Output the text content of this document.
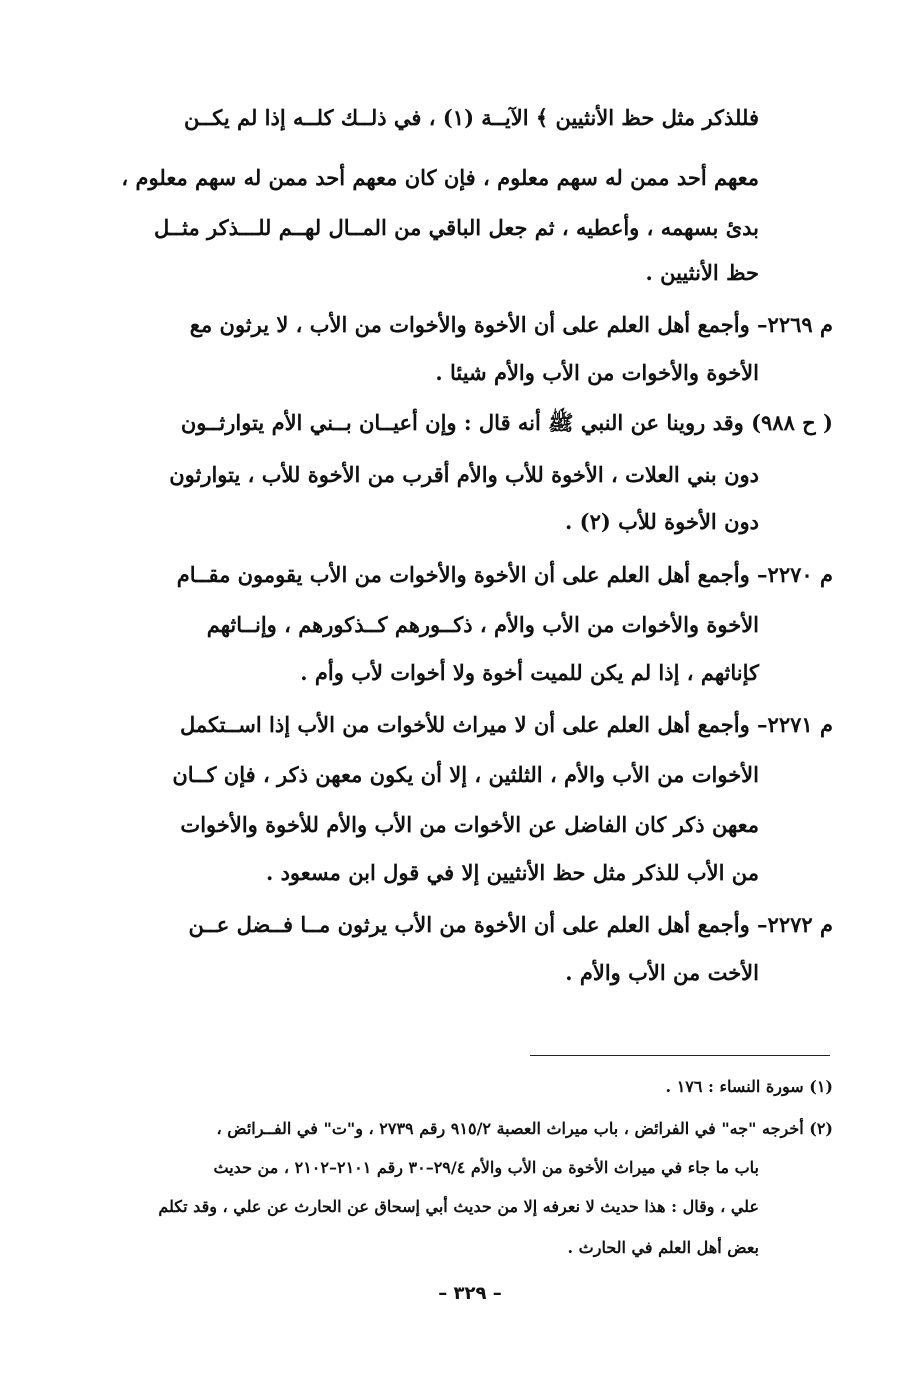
فللذكر مثل حظ الأنثيين ﴾ الآيــة (١) ، في ذلــك كلــه إذا لم يكــن
معهم أحد ممن له سهم معلوم ، فإن كان معهم أحد ممن له سهم معلوم ،
بدئ بسهمه ، وأعطيه ، ثم جعل الباقي من المــال لهــم للـــذكر مثــل
حظ الأنثيين .
م ٢٢٦٩– وأجمع أهل العلم على أن الأخوة والأخوات من الأب ، لا يرثون مع
الأخوة والأخوات من الأب والأم شيئا .
( ح ٩٨٨) وقد روينا عن النبي ﷺ أنه قال : وإن أعيــان بــني الأم يتوارثــون
دون بني العلات ، الأخوة للأب والأم أقرب من الأخوة للأب ، يتوارثون
دون الأخوة للأب (٢) .
م ٢٢٧٠– وأجمع أهل العلم على أن الأخوة والأخوات من الأب يقومون مقــام
الأخوة والأخوات من الأب والأم ، ذكــورهم كــذكورهم ، وإنــاثهم
كإناثهم ، إذا لم يكن للميت أخوة ولا أخوات لأب وأم .
م ٢٢٧١– وأجمع أهل العلم على أن لا ميراث للأخوات من الأب إذا اســتكمل
الأخوات من الأب والأم ، الثلثين ، إلا أن يكون معهن ذكر ، فإن كــان
معهن ذكر كان الفاضل عن الأخوات من الأب والأم للأخوة والأخوات
من الأب للذكر مثل حظ الأنثيين إلا في قول ابن مسعود .
م ٢٢٧٢– وأجمع أهل العلم على أن الأخوة من الأب يرثون مــا فــضل عــن
الأخت من الأب والأم .
(١) سورة النساء : ١٧٦ .
(٢) أخرجه "جه" في الفرائض ، باب ميراث العصبة ٩١٥/٢ رقم ٢٧٣٩ ، و"ت" في الفــرائض ،
باب ما جاء في ميراث الأخوة من الأب والأم ٢٩/٤–٣٠ رقم ٢١٠١–٢١٠٢ ، من حديث
علي ، وقال : هذا حديث لا نعرفه إلا من حديث أبي إسحاق عن الحارث عن علي ، وقد تكلم
بعض أهل العلم في الحارث .
– ٣٢٩ –
